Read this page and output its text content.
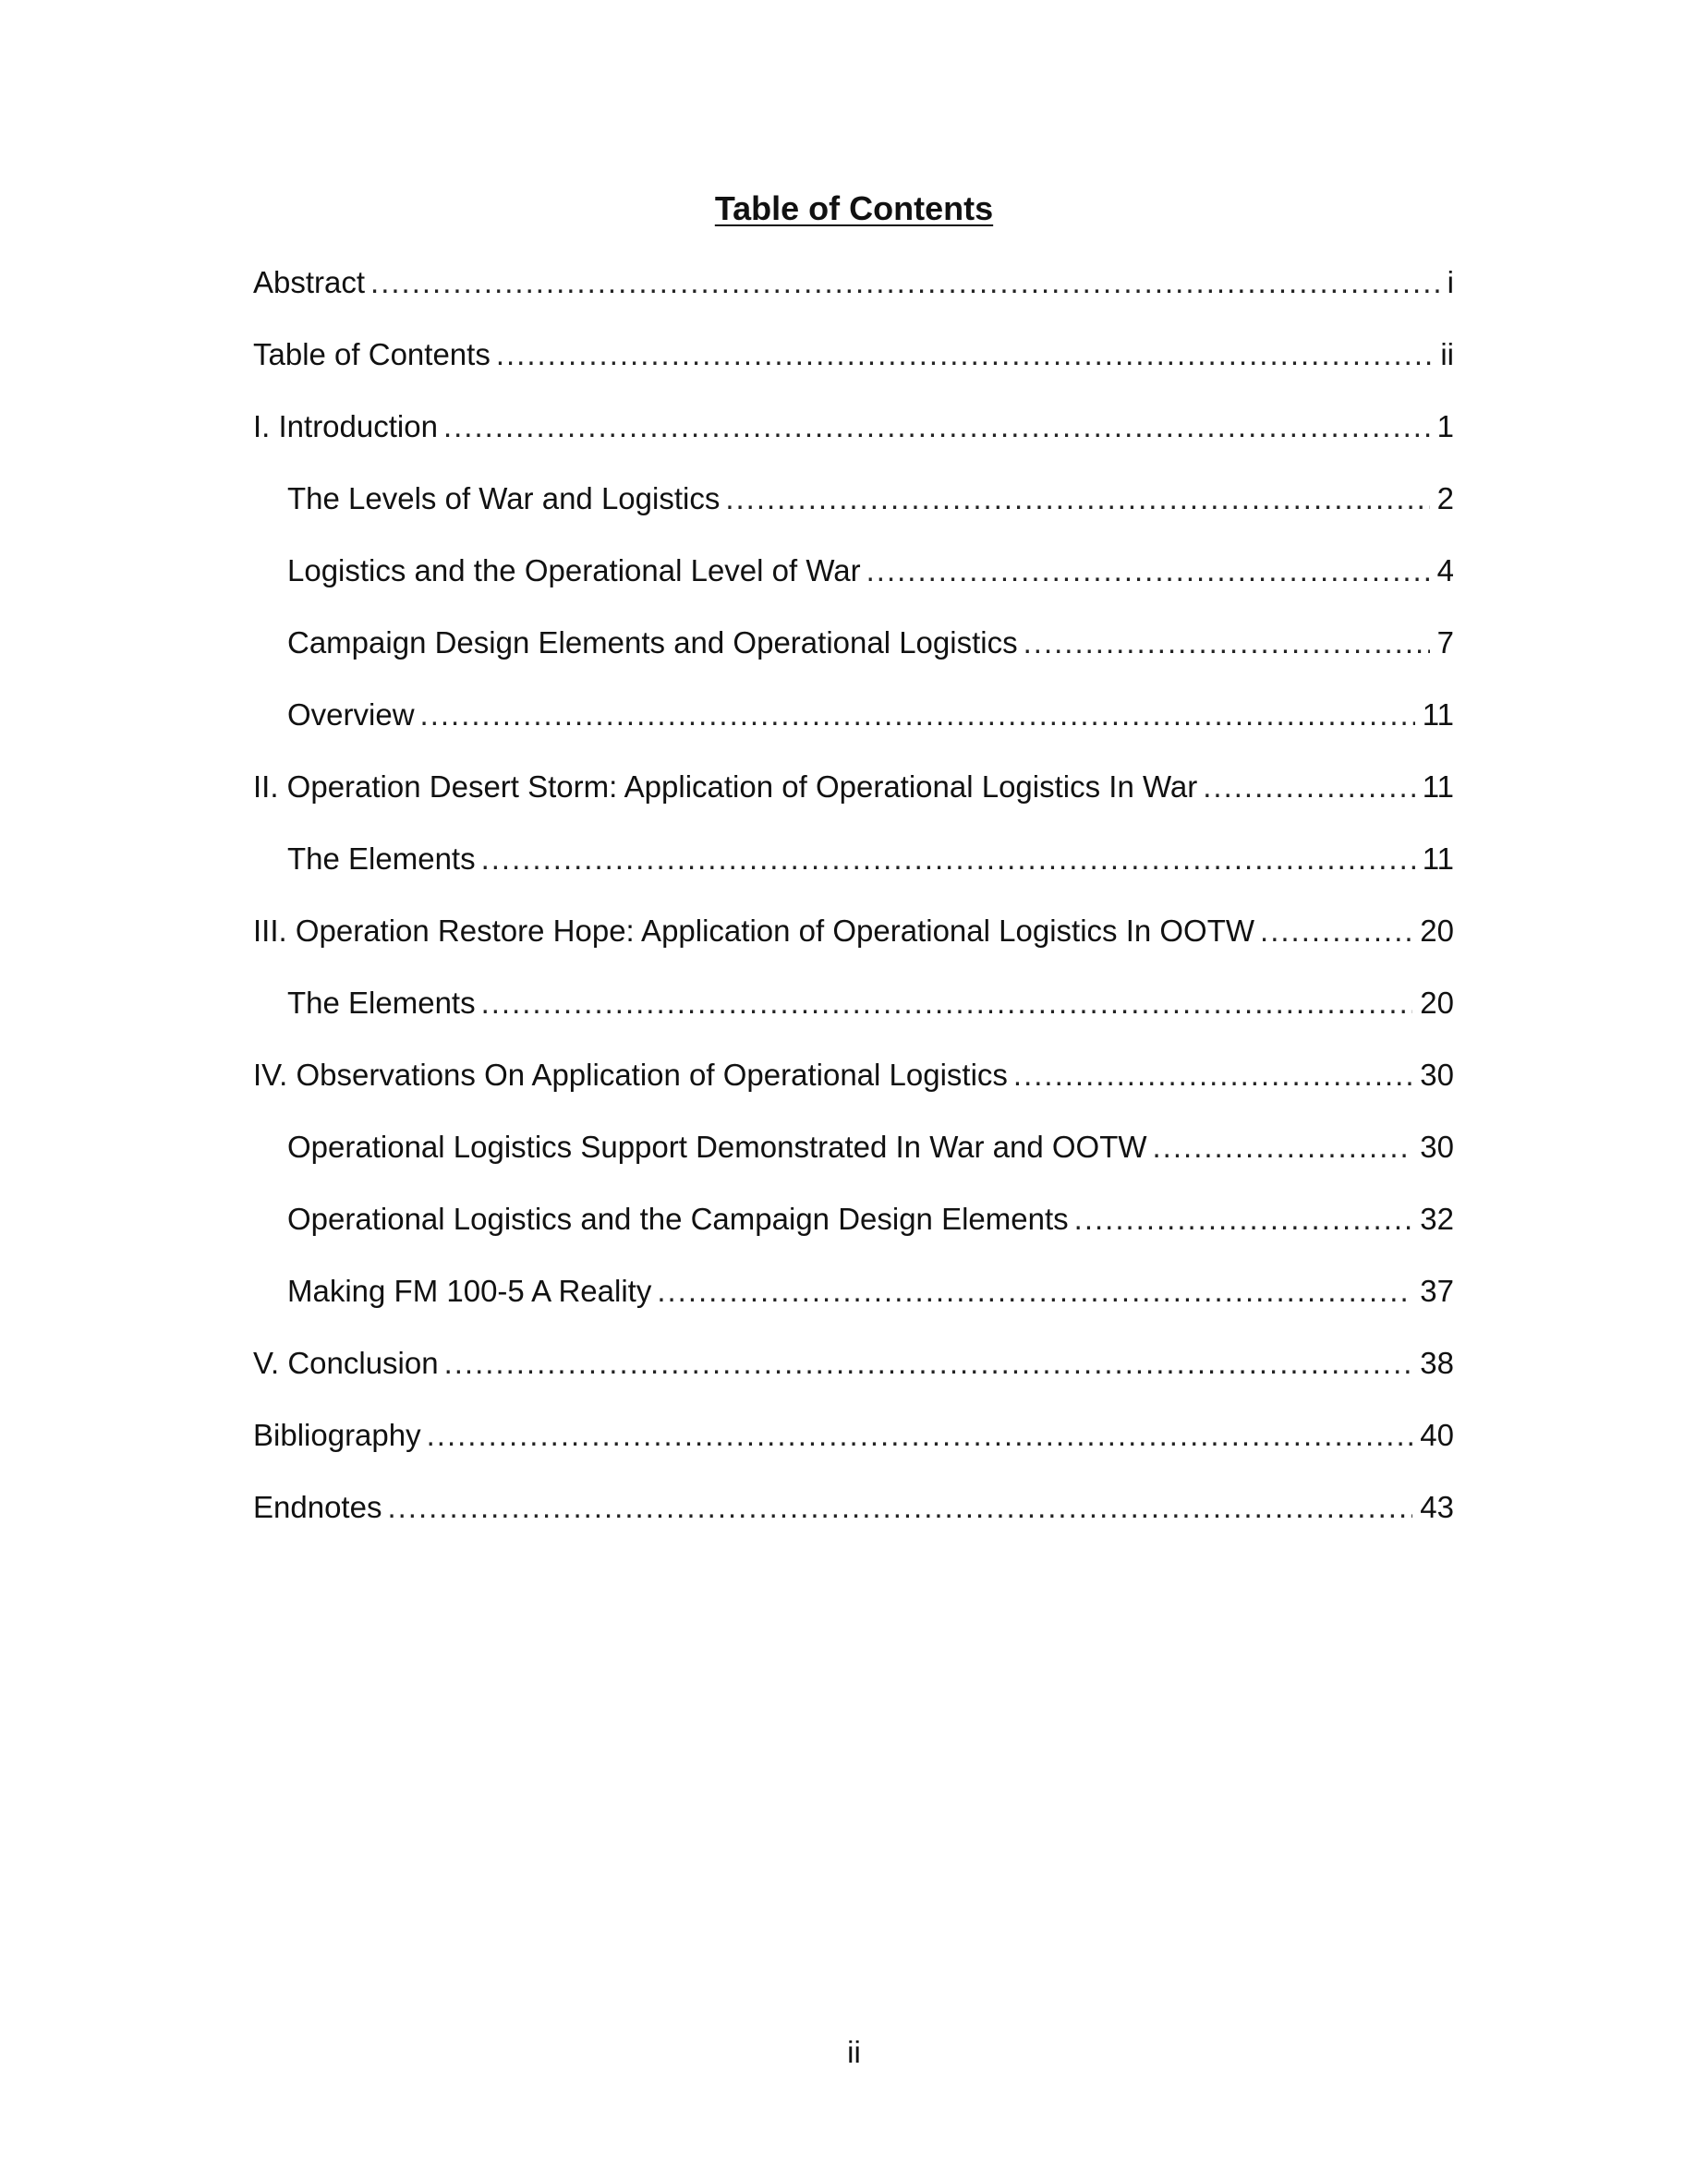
Table of Contents
Abstract .....	i
Table of Contents .....	ii
I. Introduction .....	1
The Levels of War and Logistics .....	2
Logistics and the Operational Level of War .....	4
Campaign Design Elements and Operational Logistics .....	7
Overview .....	11
II. Operation Desert Storm: Application of Operational Logistics In War .....	11
The Elements .....	11
III. Operation Restore Hope: Application of Operational Logistics In OOTW .....	20
The Elements .....	20
IV. Observations On Application of Operational Logistics .....	30
Operational Logistics Support Demonstrated In War and OOTW .....	30
Operational Logistics and the Campaign Design Elements .....	32
Making FM 100-5 A Reality .....	37
V. Conclusion .....	38
Bibliography .....	40
Endnotes .....	43
ii
